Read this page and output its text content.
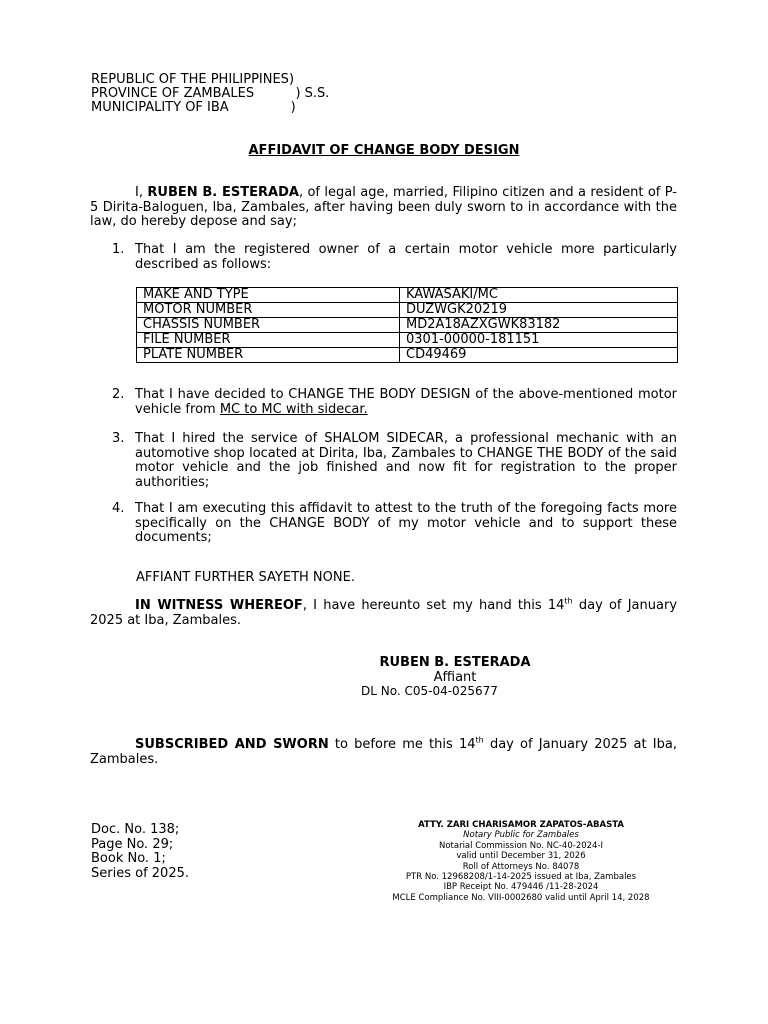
REPUBLIC OF THE PHILIPPINES)
PROVINCE OF ZAMBALES          ) S.S.
MUNICIPALITY OF IBA               )
AFFIDAVIT OF CHANGE BODY DESIGN
I, RUBEN B. ESTERADA, of legal age, married, Filipino citizen and a resident of P-5 Dirita-Baloguen, Iba, Zambales, after having been duly sworn to in accordance with the law, do hereby depose and say;
1. That I am the registered owner of a certain motor vehicle more particularly described as follows:
MAKE AND TYPE	KAWASAKI/MC
MOTOR NUMBER	DUZWGK20219
CHASSIS NUMBER	MD2A18AZXGWK83182
FILE NUMBER	0301-00000-181151
PLATE NUMBER	CD49469
2. That I have decided to CHANGE THE BODY DESIGN of the above-mentioned motor vehicle from MC to MC with sidecar.
3. That I hired the service of SHALOM SIDECAR, a professional mechanic with an automotive shop located at Dirita, Iba, Zambales to CHANGE THE BODY of the said motor vehicle and the job finished and now fit for registration to the proper authorities;
4. That I am executing this affidavit to attest to the truth of the foregoing facts more specifically on the CHANGE BODY of my motor vehicle and to support these documents;
AFFIANT FURTHER SAYETH NONE.
IN WITNESS WHEREOF, I have hereunto set my hand this 14th day of January 2025 at Iba, Zambales.
RUBEN B. ESTERADA
Affiant
DL No. C05-04-025677
SUBSCRIBED AND SWORN to before me this 14th day of January 2025 at Iba, Zambales.
Doc. No. 138;
Page No. 29;
Book No. 1;
Series of 2025.
ATTY. ZARI CHARISAMOR ZAPATOS-ABASTA
Notary Public for Zambales
Notarial Commission No. NC-40-2024-I
valid until December 31, 2026
Roll of Attorneys No. 84078
PTR No. 12968208/1-14-2025 issued at Iba, Zambales
IBP Receipt No. 479446 /11-28-2024
MCLE Compliance No. VIII-0002680 valid until April 14, 2028
